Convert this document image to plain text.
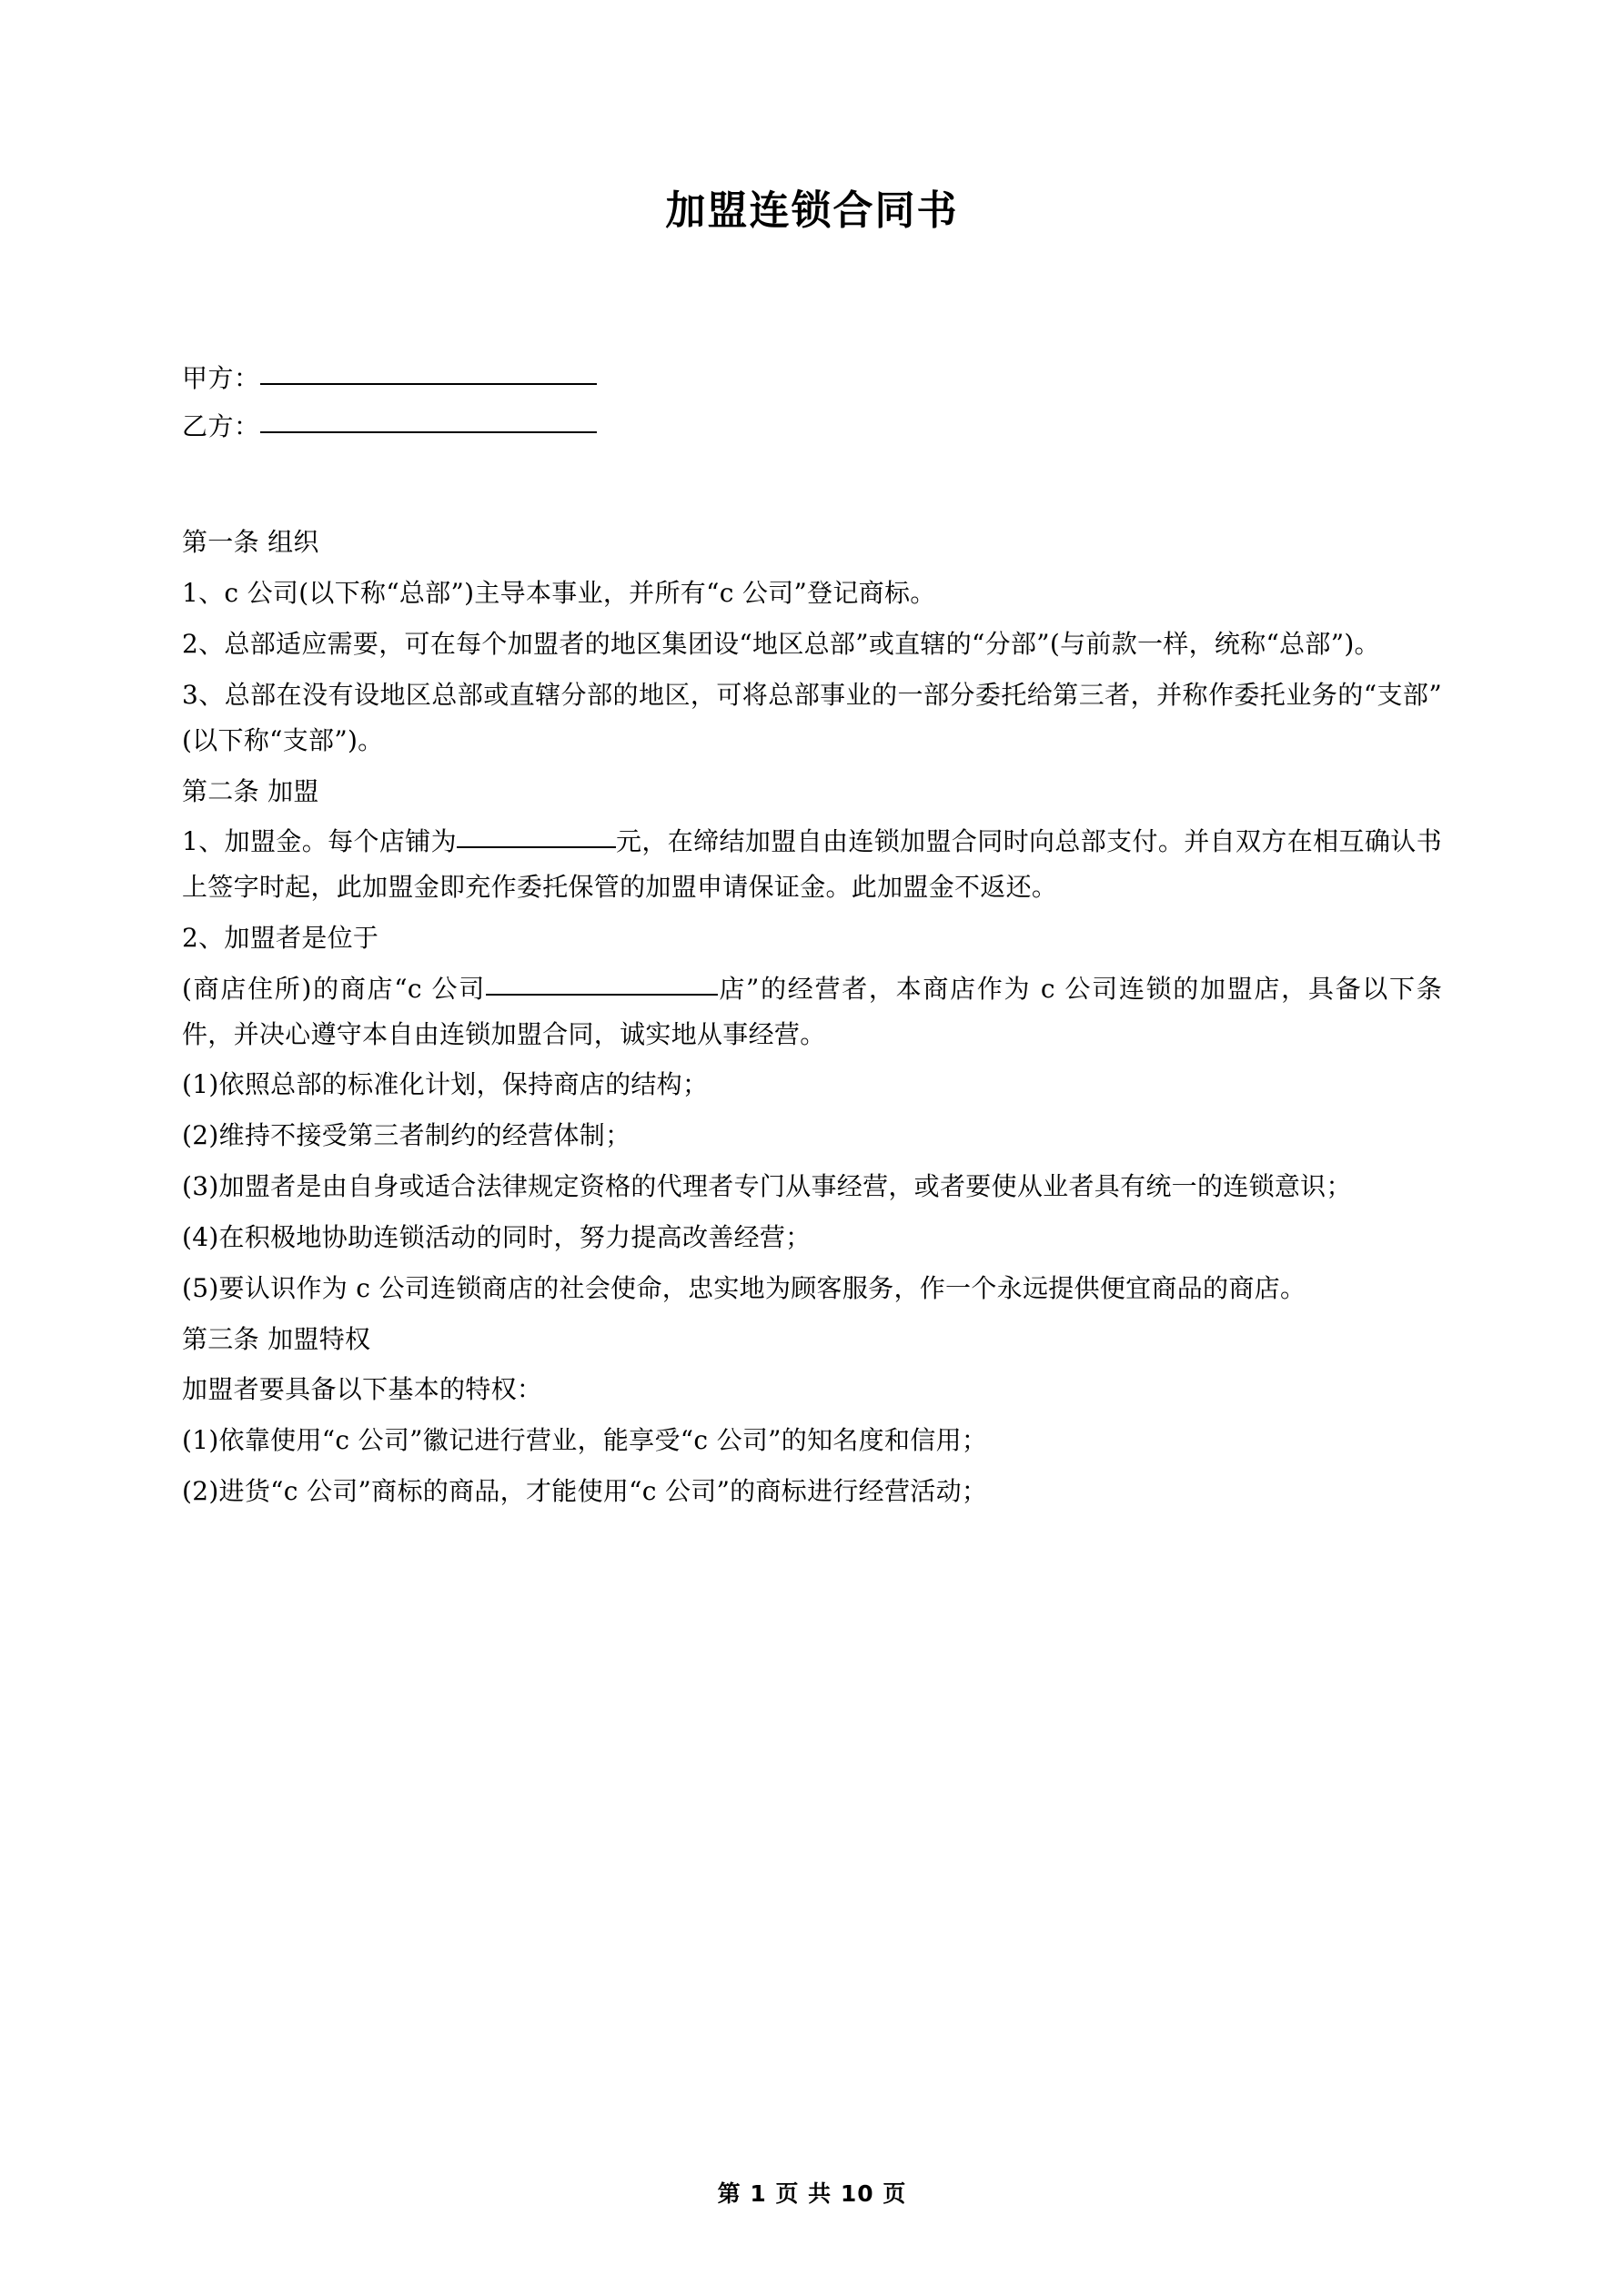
加盟连锁合同书
甲方：
乙方：

第一条 组织

1、c 公司(以下称“总部”)主导本事业，并所有“c 公司”登记商标。

2、总部适应需要，可在每个加盟者的地区集团设“地区总部”或直辖的“分部”(与前款一样，统称“总部”)。

3、总部在没有设地区总部或直辖分部的地区，可将总部事业的一部分委托给第三者，并称作委托业务的“支部”(以下称“支部”)。

第二条 加盟

1、加盟金。每个店铺为	元，在缔结加盟自由连锁加盟合同时向总部支付。并自双方在相互确认书上签字时起，此加盟金即充作委托保管的加盟申请保证金。此加盟金不返还。

2、加盟者是位于

(商店住所)的商店“c 公司	店”的经营者，本商店作为 c 公司连锁的加盟店，具备以下条件，并决心遵守本自由连锁加盟合同，诚实地从事经营。

(1)依照总部的标准化计划，保持商店的结构；

(2)维持不接受第三者制约的经营体制；

(3)加盟者是由自身或适合法律规定资格的代理者专门从事经营，或者要使从业者具有统一的连锁意识；

(4)在积极地协助连锁活动的同时，努力提高改善经营；

(5)要认识作为 c 公司连锁商店的社会使命，忠实地为顾客服务，作一个永远提供便宜商品的商店。

第三条 加盟特权

加盟者要具备以下基本的特权：

(1)依靠使用“c 公司”徽记进行营业，能享受“c 公司”的知名度和信用；

(2)进货“c 公司”商标的商品，才能使用“c 公司”的商标进行经营活动；

第 1 页 共 10 页
